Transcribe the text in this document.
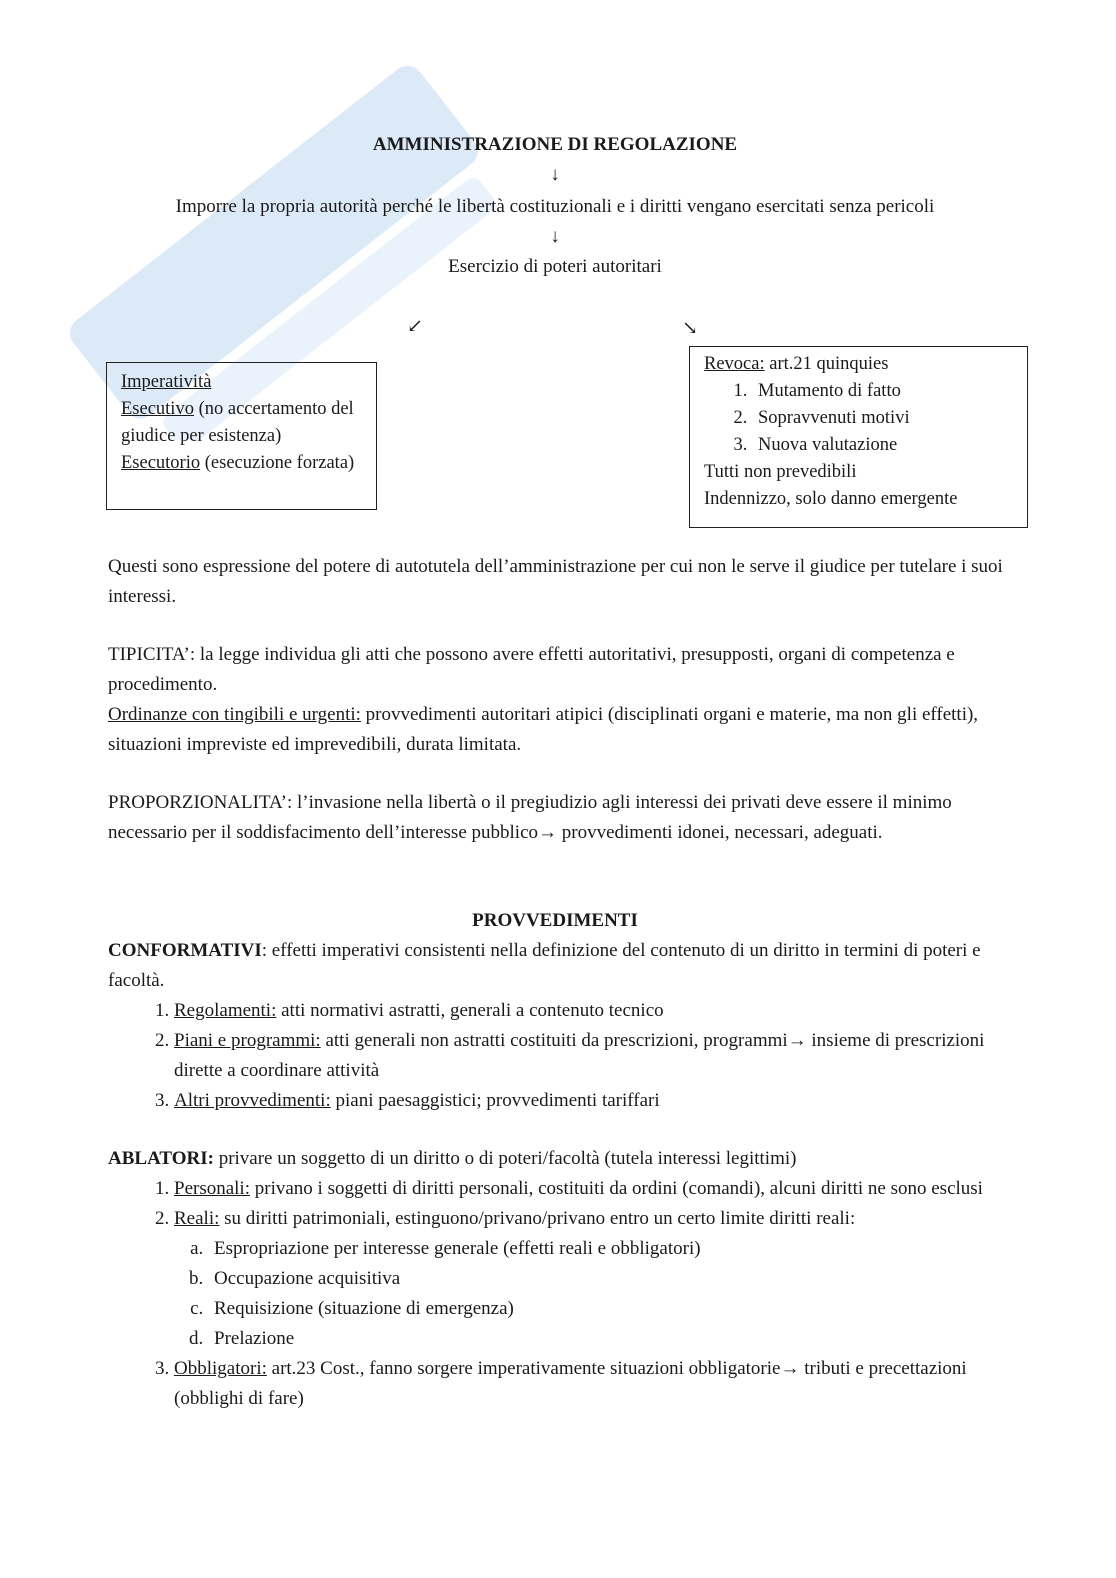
AMMINISTRAZIONE DI REGOLAZIONE
↓
Imporre la propria autorità perché le libertà costituzionali e i diritti vengano esercitati senza pericoli
↓
Esercizio di poteri autoritari
↙	↘
Imperatività
Esecutivo (no accertamento del giudice per esistenza)
Esecutorio (esecuzione forzata)
Revoca: art.21 quinquies
1. Mutamento di fatto
2. Sopravvenuti motivi
3. Nuova valutazione
Tutti non prevedibili
Indennizzo, solo danno emergente
Questi sono espressione del potere di autotutela dell’amministrazione per cui non le serve il giudice per tutelare i suoi interessi.
TIPICITA’: la legge individua gli atti che possono avere effetti autoritativi, presupposti, organi di competenza e procedimento.
Ordinanze con tingibili e urgenti: provvedimenti autoritari atipici (disciplinati organi e materie, ma non gli effetti), situazioni impreviste ed imprevedibili, durata limitata.
PROPORZIONALITA’: l’invasione nella libertà o il pregiudizio agli interessi dei privati deve essere il minimo necessario per il soddisfacimento dell’interesse pubblico→ provvedimenti idonei, necessari, adeguati.
PROVVEDIMENTI
CONFORMATIVI: effetti imperativi consistenti nella definizione del contenuto di un diritto in termini di poteri e facoltà.
1. Regolamenti: atti normativi astratti, generali a contenuto tecnico
2. Piani e programmi: atti generali non astratti costituiti da prescrizioni, programmi→ insieme di prescrizioni dirette a coordinare attività
3. Altri provvedimenti: piani paesaggistici; provvedimenti tariffari
ABLATORI: privare un soggetto di un diritto o di poteri/facoltà (tutela interessi legittimi)
1. Personali: privano i soggetti di diritti personali, costituiti da ordini (comandi), alcuni diritti ne sono esclusi
2. Reali: su diritti patrimoniali, estinguono/privano/privano entro un certo limite diritti reali:
a. Espropriazione per interesse generale (effetti reali e obbligatori)
b. Occupazione acquisitiva
c. Requisizione (situazione di emergenza)
d. Prelazione
3. Obbligatori: art.23 Cost., fanno sorgere imperativamente situazioni obbligatorie→ tributi e precettazioni (obblighi di fare)
